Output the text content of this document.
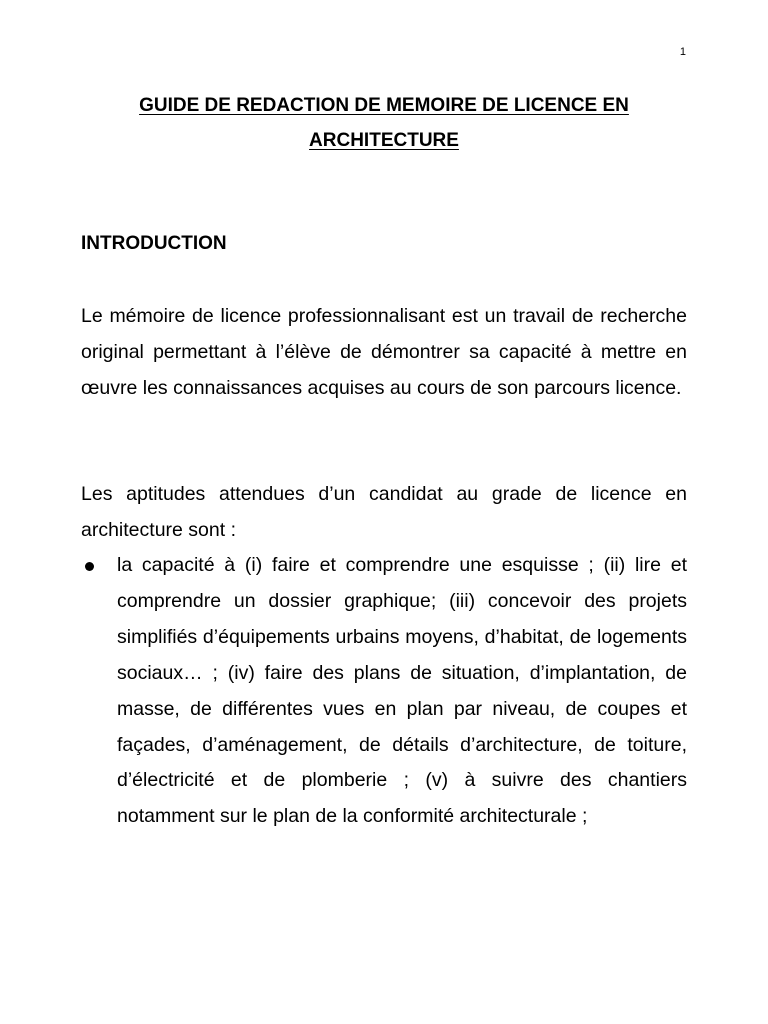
1
GUIDE DE REDACTION DE MEMOIRE DE LICENCE EN
ARCHITECTURE
INTRODUCTION

Le mémoire de licence professionnalisant est un travail de recherche original permettant à l’élève de démontrer sa capacité à mettre en œuvre les connaissances acquises au cours de son parcours licence.

Les aptitudes attendues d’un candidat au grade de licence en architecture sont :

la capacité à (i) faire et comprendre une esquisse ; (ii) lire et comprendre un dossier graphique; (iii) concevoir des projets simplifiés d’équipements urbains moyens, d’habitat, de logements sociaux… ; (iv) faire des plans de situation, d’implantation, de masse, de différentes vues en plan par niveau, de coupes et façades, d’aménagement, de détails d’architecture, de toiture, d’électricité et de plomberie ; (v) à suivre des chantiers notamment sur le plan de la conformité architecturale ;
